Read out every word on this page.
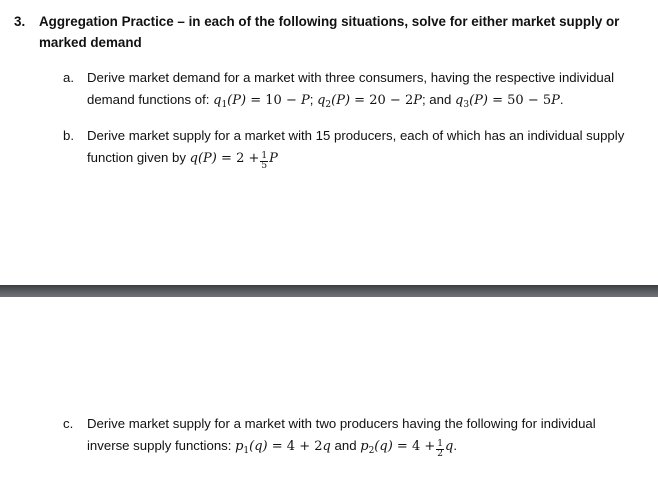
3. Aggregation Practice – in each of the following situations, solve for either market supply or
marked demand
a. Derive market demand for a market with three consumers, having the respective individual
demand functions of: $q_1(P) = 10 - P$; $q_2(P) = 20 - 2P$; and $q_3(P) = 50 - 5P$.
b. Derive market supply for a market with 15 producers, each of which has an individual supply
function given by $q(P) = 2 + \frac{1}{5}$ P
c.	Derive market supply for a market with two producers having the following for individual
inverse supply functions: $p_1(q) = 4 + 2q$ and $p_2(q) = 4 + \frac{1}{2} q$.
